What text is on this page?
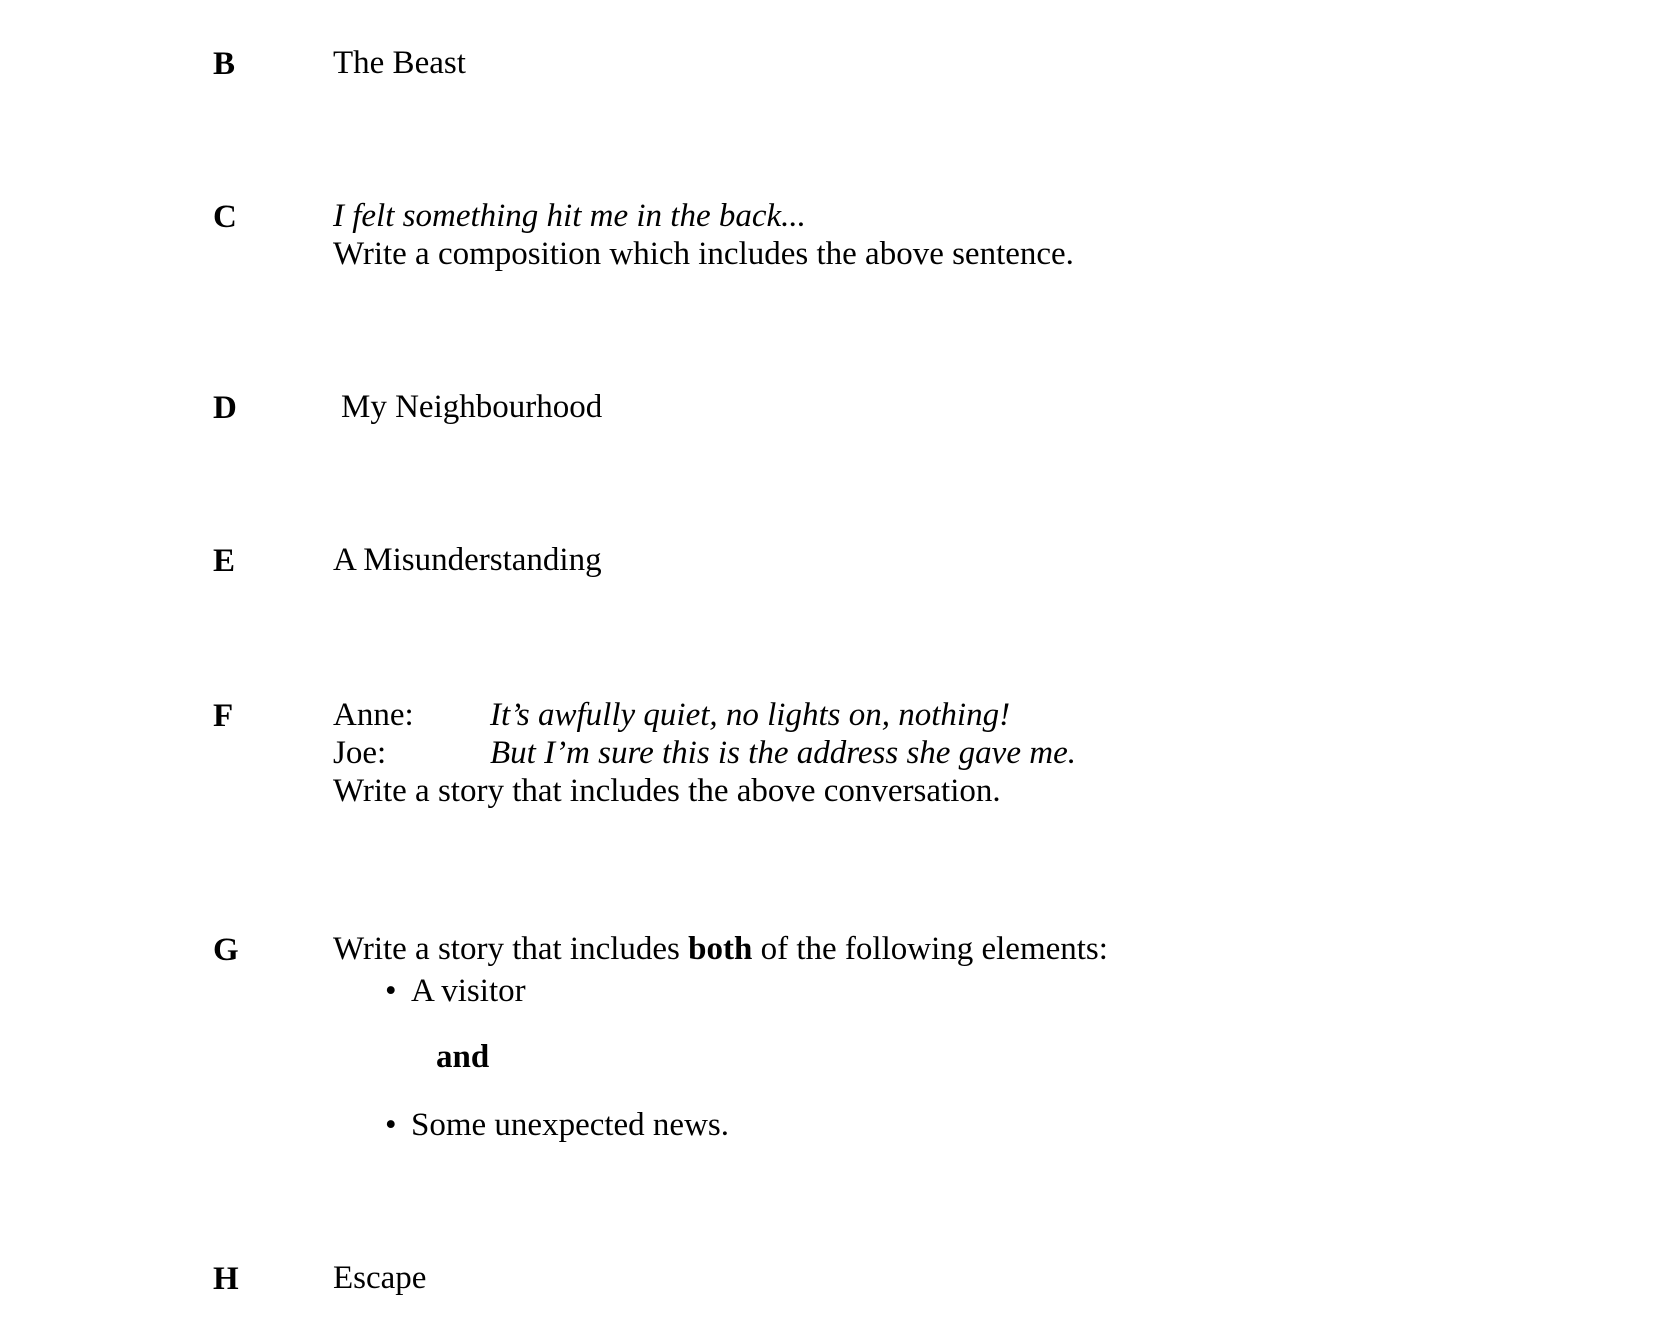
B	The Beast
C	I felt something hit me in the back...
Write a composition which includes the above sentence.
D	My Neighbourhood
E	A Misunderstanding
F	Anne: It’s awfully quiet, no lights on, nothing!
Joe:	But I’m sure this is the address she gave me.
Write a story that includes the above conversation.
G	Write a story that includes both of the following elements:
• A visitor
and
• Some unexpected news.
H	Escape
